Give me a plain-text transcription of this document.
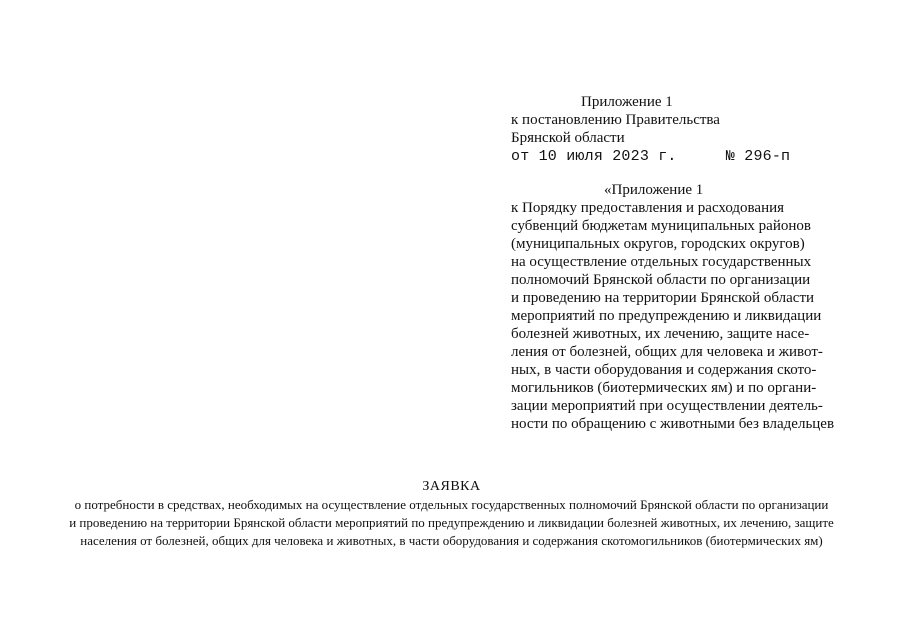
Приложение 1
к постановлению Правительства
Брянской области
от 10 июля 2023 г.	№ 296-п
«Приложение 1
к Порядку предоставления и расходования
субвенций бюджетам муниципальных районов
(муниципальных округов, городских округов)
на осуществление отдельных государственных
полномочий Брянской области по организации
и проведению на территории Брянской области
мероприятий по предупреждению и ликвидации
болезней животных, их лечению, защите насе-
ления от болезней, общих для человека и живот-
ных, в части оборудования и содержания ското-
могильников (биотермических ям) и по органи-
зации мероприятий при осуществлении деятель-
ности по обращению с животными без владельцев
ЗАЯВКА
о потребности в средствах, необходимых на осуществление отдельных государственных полномочий Брянской области по организации
и проведению на территории Брянской области мероприятий по предупреждению и ликвидации болезней животных, их лечению, защите
населения от болезней, общих для человека и животных, в части оборудования и содержания скотомогильников (биотермических ям)
